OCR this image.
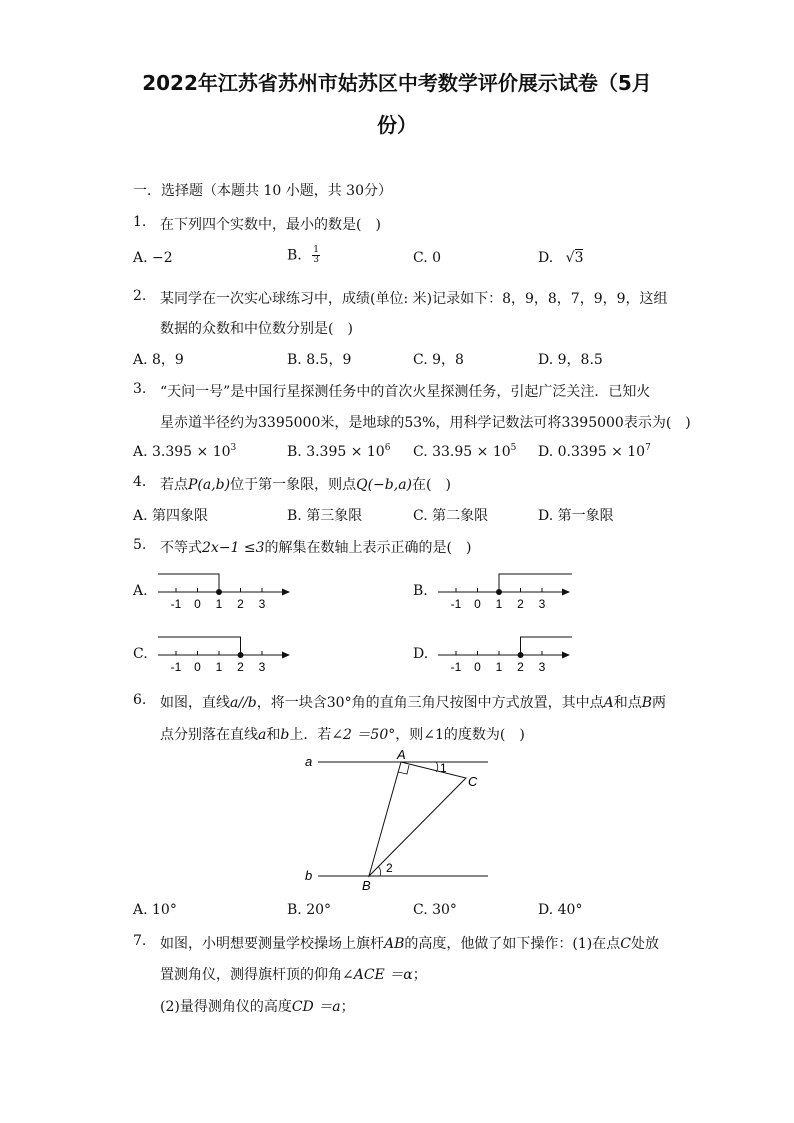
2022年江苏省苏州市姑苏区中考数学评价展示试卷（5月
份）
一．选择题（本题共 10 小题，共 30分）
1. 在下列四个实数中，最小的数是(　)
A. −2	B. $\frac{1}{3}$	C. 0	D. √3
2. 某同学在一次实心球练习中，成绩(单位: 米)记录如下：8，9，8，7，9，9，这组
数据的众数和中位数分别是(　)
A. 8，9	B. 8.5，9	C. 9，8	D. 9，8.5
3. “天问一号”是中国行星探测任务中的首次火星探测任务，引起广泛关注．已知火
星赤道半径约为3395000米，是地球的53%，用科学记数法可将3395000表示为(　)
A. $3.395 \times 10^3$	B. $3.395 \times 10^6$ C. $33.95 \times 10^5$ D. $0.3395 \times 10^7$
4. 若点P(a,b)位于第一象限，则点Q(−b,a)在(　)
A. 第四象限	B. 第三象限	C. 第二象限	D. 第一象限
5. 不等式2x−1 ≤3的解集在数轴上表示正确的是(　)
A.	B.
C.	D.
-1 0 1 2 3	-1 0 1 2 3
-1 0 1 2 3	-1 0 1 2 3
6. 如图，直线a//b，将一块含30°角的直角三角尺按图中方式放置，其中点A和点B两
点分别落在直线a和b上．若∠2 ＝50°，则∠1的度数为(　)
a
b
A
B
C
1
2
A. 10°	B. 20°	C. 30°	D. 40°
7. 如图，小明想要测量学校操场上旗杆AB的高度，他做了如下操作：(1)在点C处放
置测角仪，测得旗杆顶的仰角∠ACE ＝α；
(2)量得测角仪的高度CD ＝a；
